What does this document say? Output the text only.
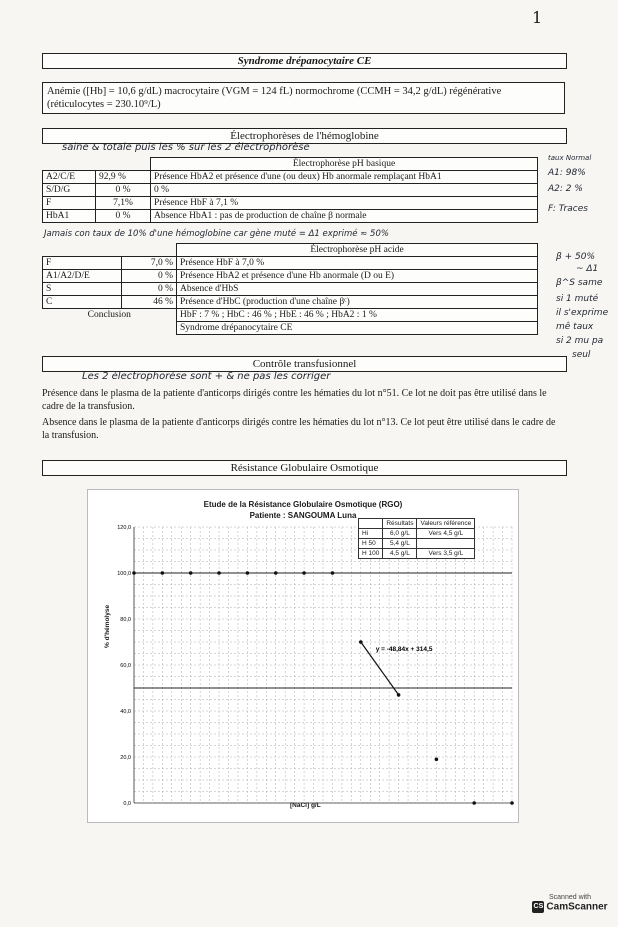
1
Syndrome drépanocytaire CE
Anémie ([Hb] = 10,6 g/dL) macrocytaire (VGM = 124 fL) normochrome (CCMH = 34,2 g/dL) régénérative (réticulocytes = 230.10⁹/L)
Électrophorèses de l'hémoglobine
saine & totale puis les % sur les 2 électrophorèse
		Électrophorèse pH basique
A2/C/E	92,9 %	Présence HbA2 et présence d'une (ou deux) Hb anormale remplaçant HbA1
S/D/G	0 %	0 %
F	7,1%	Présence HbF à 7,1 %
HbA1	0 %	Absence HbA1 : pas de production de chaîne β normale
Jamais con taux de 10% d'une hémoglobine car gène muté = Δ1 exprimé ≈ 50%
		Électrophorèse pH acide
F	7,0 %	Présence HbF à 7,0 %
A1/A2/D/E	0 %	Présence HbA2 et présence d'une Hb anormale (D ou E)
S	0 %	Absence d'HbS
C	46 %	Présence d'HbC (production d'une chaîne βᶜ)
Conclusion		HbF : 7 % ; HbC : 46 % ; HbE : 46 % ; HbA2 : 1 %
		Syndrome drépanocytaire CE
taux Normal
A1: 98%
A2: 2 %
F: Traces
β + 50%
~ Δ1
β^S same
si 1 muté
il s'exprime
mê taux
si 2 mu pa
seul
Contrôle transfusionnel
Les 2 électrophorèse sont + & ne pas les corriger
Présence dans le plasma de la patiente d'anticorps dirigés contre les hématies du lot n°51. Ce lot ne doit pas être utilisé dans le cadre de la transfusion.
Absence dans le plasma de la patiente d'anticorps dirigés contre les hématies du lot n°13. Ce lot peut être utilisé dans le cadre de la transfusion.
Résistance Globulaire Osmotique
Etude de la Résistance Globulaire Osmotique (RGO)
Patiente : SANGOUMA Luna
0,0
20,0
40,0
60,0
80,0
100,0
120,0
y = -48,84x + 314,5
	Résultats	Valeurs référence
Hi	6,0 g/L	Vers 4,5 g/L
H 50	5,4 g/L	
H 100	4,5 g/L	Vers 3,5 g/L
% d'hémolyse
[NaCl] g/L
Scanned with
CS CamScanner
